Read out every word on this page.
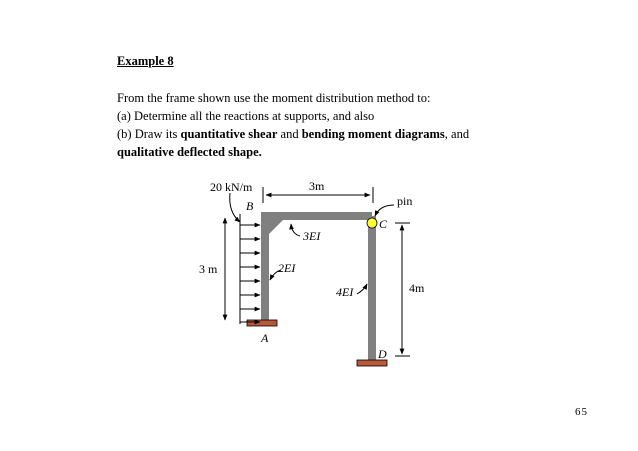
Example 8
From the frame shown use the moment distribution method to:
(a) Determine all the reactions at supports, and also
(b) Draw its quantitative shear and bending moment diagrams, and
qualitative deflected shape.
20 kN/m	3m
pin
B
C
A
D
3EI
2EI
4EI
3 m
4m
65
